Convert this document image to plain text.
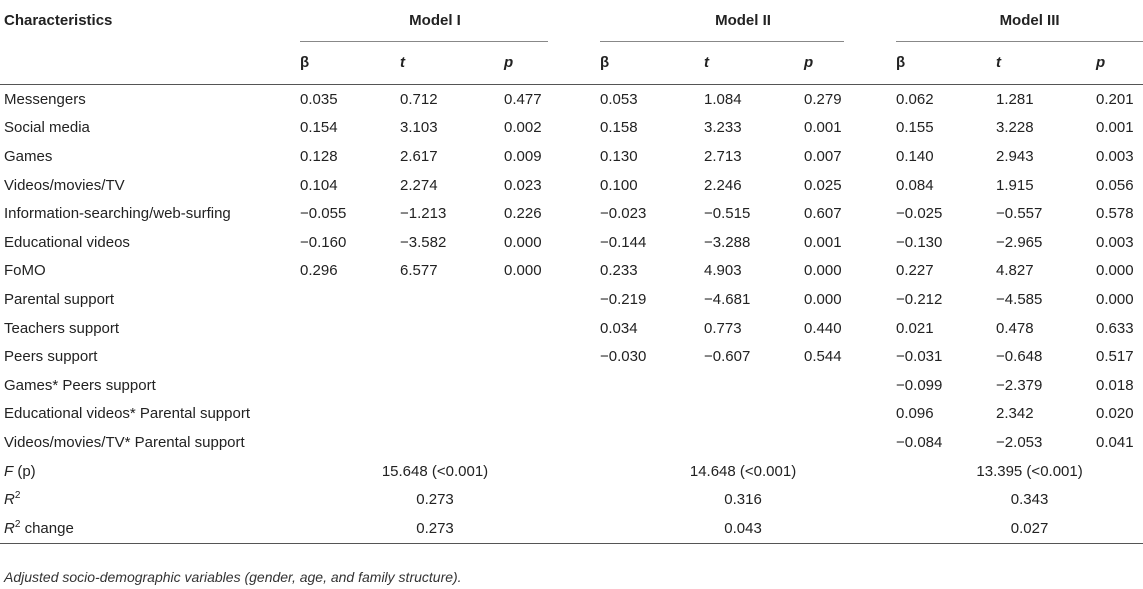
Characteristics	Model I			Model II			Model III		
	β	t	p	β	t	p	β	t	p
Messengers	0.035	0.712	0.477	0.053	1.084	0.279	0.062	1.281	0.201
Social media	0.154	3.103	0.002	0.158	3.233	0.001	0.155	3.228	0.001
Games	0.128	2.617	0.009	0.130	2.713	0.007	0.140	2.943	0.003
Videos/movies/TV	0.104	2.274	0.023	0.100	2.246	0.025	0.084	1.915	0.056
Information-searching/web-surfing	−0.055	−1.213	0.226	−0.023	−0.515	0.607	−0.025	−0.557	0.578
Educational videos	−0.160	−3.582	0.000	−0.144	−3.288	0.001	−0.130	−2.965	0.003
FoMO	0.296	6.577	0.000	0.233	4.903	0.000	0.227	4.827	0.000
Parental support				−0.219	−4.681	0.000	−0.212	−4.585	0.000
Teachers support				0.034	0.773	0.440	0.021	0.478	0.633
Peers support				−0.030	−0.607	0.544	−0.031	−0.648	0.517
Games* Peers support							−0.099	−2.379	0.018
Educational videos* Parental support							0.096	2.342	0.020
Videos/movies/TV* Parental support							−0.084	−2.053	0.041
F (p)	15.648 (<0.001)			14.648 (<0.001)			13.395 (<0.001)		
$R^2$	0.273			0.316			0.343		
$R^2$ change	0.273			0.043			0.027		
Adjusted socio-demographic variables (gender, age, and family structure).
